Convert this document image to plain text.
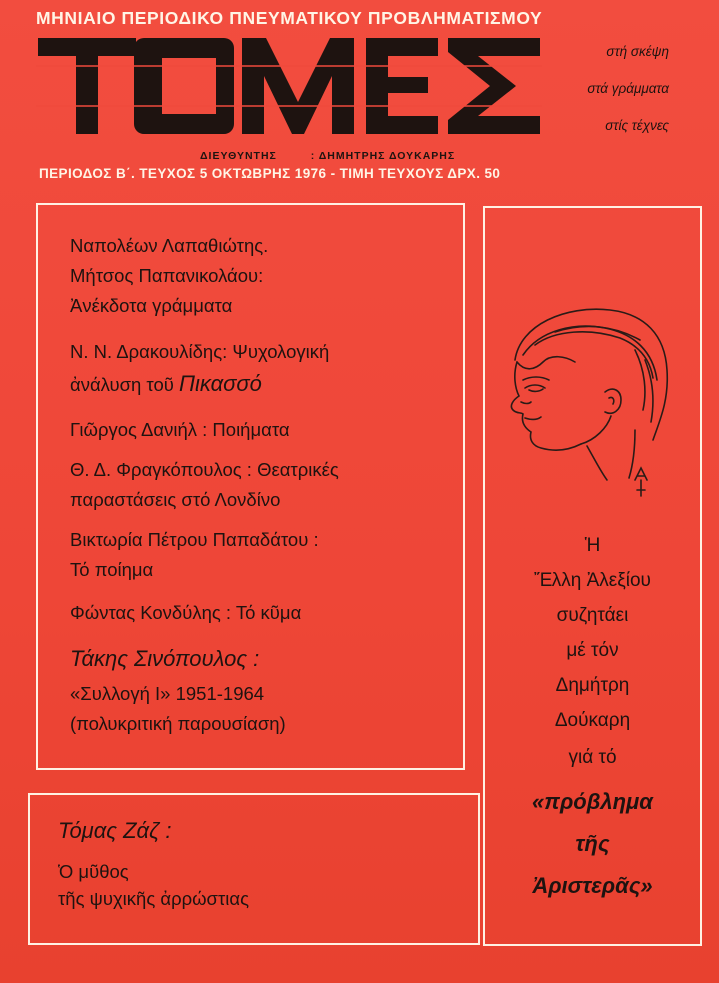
ΜΗΝΙΑΙΟ ΠΕΡΙΟΔΙΚΟ ΠΝΕΥΜΑΤΙΚΟΥ ΠΡΟΒΛΗΜΑΤΙΣΜΟΥ
στή σκέψη
στά γράμματα
στίς τέχνες
ΔΙΕΥΘΥΝΤΗΣ	: ΔΗΜΗΤΡΗΣ ΔΟΥΚΑΡΗΣ
ΠΕΡΙΟΔΟΣ Β΄. ΤΕΥΧΟΣ 5 ΟΚΤΩΒΡΗΣ 1976 - ΤΙΜΗ ΤΕΥΧΟΥΣ ΔΡΧ. 50
Ναπολέων Λαπαθιώτης.
Μήτσος Παπανικολάου:
Ἀνέκδοτα γράμματα
Ν. Ν. Δρακουλίδης: Ψυχολογική
ἀνάλυση τοῦ Πικασσό
Γιῶργος Δανιήλ : Ποιήματα
Θ. Δ. Φραγκόπουλος : Θεατρικές
παραστάσεις στό Λονδίνο
Βικτωρία Πέτρου Παπαδάτου :
Τό ποίημα
Φώντας Κονδύλης : Τό κῦμα
Τάκης Σινόπουλος :
«Συλλογή Ι» 1951-1964
(πολυκριτική παρουσίαση)
Ἡ
Ἔλλη Ἀλεξίου
συζητάει
μέ τόν
Δημήτρη
Δούκαρη
γιά τό
«πρόβλημα
τῆς
Ἀριστερᾶς»
Τόμας Ζάζ :
Ὁ μῦθος
τῆς ψυχικῆς ἀρρώστιας
